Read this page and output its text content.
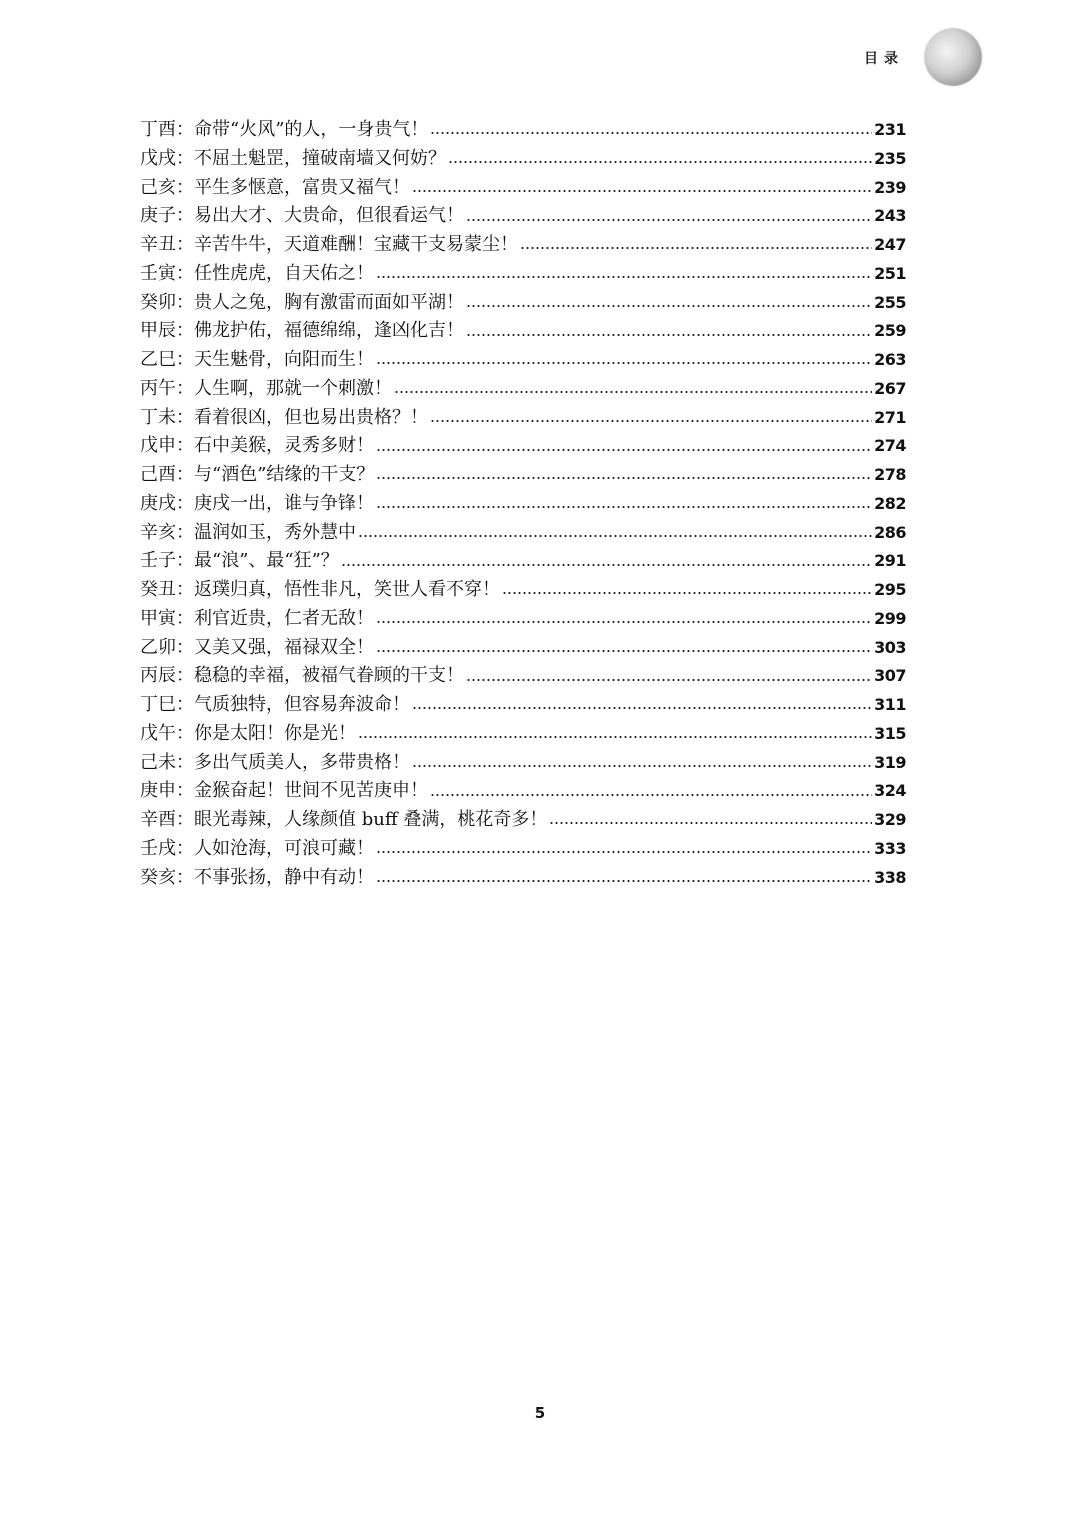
目录
丁酉：命带“火风”的人，一身贵气！	231
戊戌：不屈土魁罡，撞破南墙又何妨？	235
己亥：平生多惬意，富贵又福气！	239
庚子：易出大才、大贵命，但很看运气！	243
辛丑：辛苦牛牛，天道难酬！宝藏干支易蒙尘！	247
壬寅：任性虎虎，自天佑之！	251
癸卯：贵人之兔，胸有激雷而面如平湖！	255
甲辰：佛龙护佑，福德绵绵，逢凶化吉！	259
乙巳：天生魅骨，向阳而生！	263
丙午：人生啊，那就一个刺激！	267
丁未：看着很凶，但也易出贵格？！	271
戊申：石中美猴，灵秀多财！	274
己酉：与“酒色”结缘的干支？	278
庚戌：庚戌一出，谁与争锋！	282
辛亥：温润如玉，秀外慧中	286
壬子：最“浪”、最“狂”？	291
癸丑：返璞归真，悟性非凡，笑世人看不穿！	295
甲寅：利官近贵，仁者无敌！	299
乙卯：又美又强，福禄双全！	303
丙辰：稳稳的幸福，被福气眷顾的干支！	307
丁巳：气质独特，但容易奔波命！	311
戊午：你是太阳！你是光！	315
己未：多出气质美人，多带贵格！	319
庚申：金猴奋起！世间不见苦庚申！	324
辛酉：眼光毒辣，人缘颜值 buff 叠满，桃花奇多！	329
壬戌：人如沧海，可浪可藏！	333
癸亥：不事张扬，静中有动！	338
5
